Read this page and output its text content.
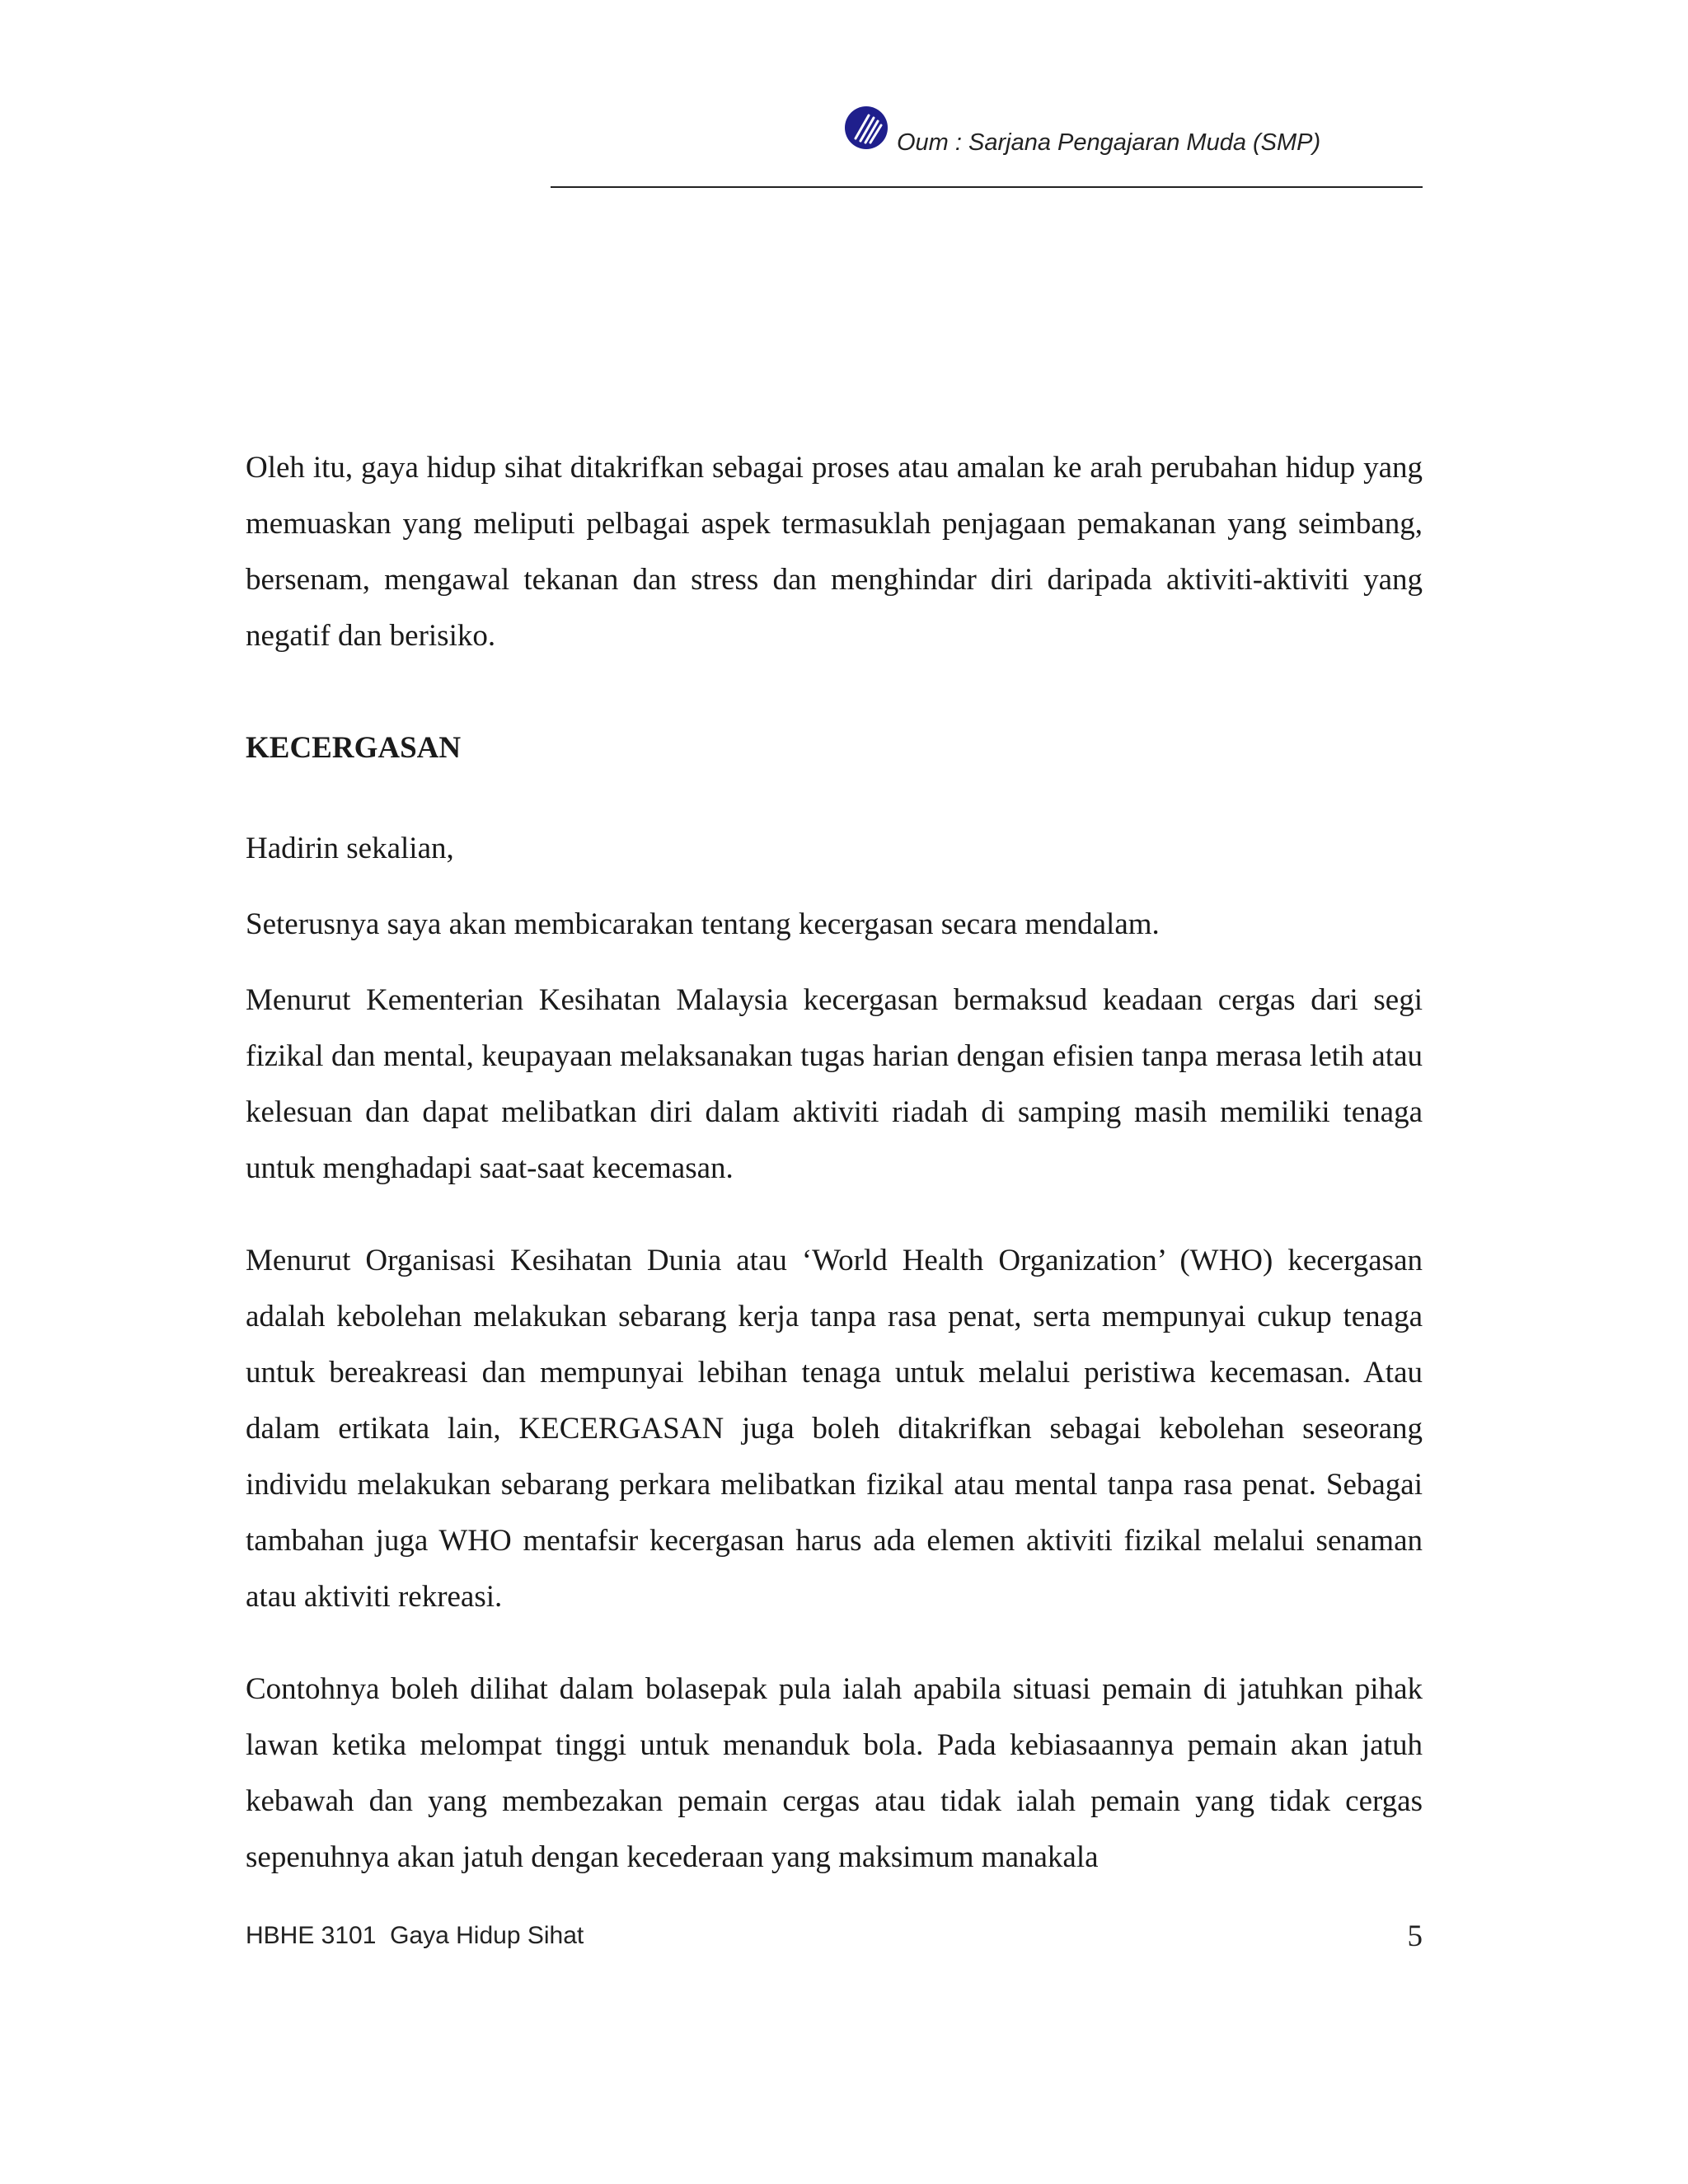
Oum : Sarjana Pengajaran Muda (SMP)

Oleh itu, gaya hidup sihat ditakrifkan sebagai proses atau amalan ke arah perubahan hidup yang memuaskan yang meliputi pelbagai aspek termasuklah penjagaan pemakanan yang seimbang, bersenam, mengawal tekanan dan stress dan menghindar diri daripada aktiviti-aktiviti yang negatif dan berisiko.

KECERGASAN

Hadirin sekalian,

Seterusnya saya akan membicarakan tentang kecergasan secara mendalam.

Menurut Kementerian Kesihatan Malaysia kecergasan bermaksud keadaan cergas dari segi fizikal dan mental, keupayaan melaksanakan tugas harian dengan efisien tanpa merasa letih atau kelesuan dan dapat melibatkan diri dalam aktiviti riadah di samping masih memiliki tenaga untuk menghadapi saat-saat kecemasan.

Menurut Organisasi Kesihatan Dunia atau ‘World Health Organization’ (WHO) kecergasan adalah kebolehan melakukan sebarang kerja tanpa rasa penat, serta mempunyai cukup tenaga untuk bereakreasi dan mempunyai lebihan tenaga untuk melalui peristiwa kecemasan. Atau dalam ertikata lain, KECERGASAN juga boleh ditakrifkan sebagai kebolehan seseorang individu melakukan sebarang perkara melibatkan fizikal atau mental tanpa rasa penat. Sebagai tambahan juga WHO mentafsir kecergasan harus ada elemen aktiviti fizikal melalui senaman atau aktiviti rekreasi.

Contohnya boleh dilihat dalam bolasepak pula ialah apabila situasi pemain di jatuhkan pihak lawan ketika melompat tinggi untuk menanduk bola. Pada kebiasaannya pemain akan jatuh kebawah dan yang membezakan pemain cergas atau tidak ialah pemain yang tidak cergas sepenuhnya akan jatuh dengan kecederaan yang maksimum manakala

HBHE 3101  Gaya Hidup Sihat	5
